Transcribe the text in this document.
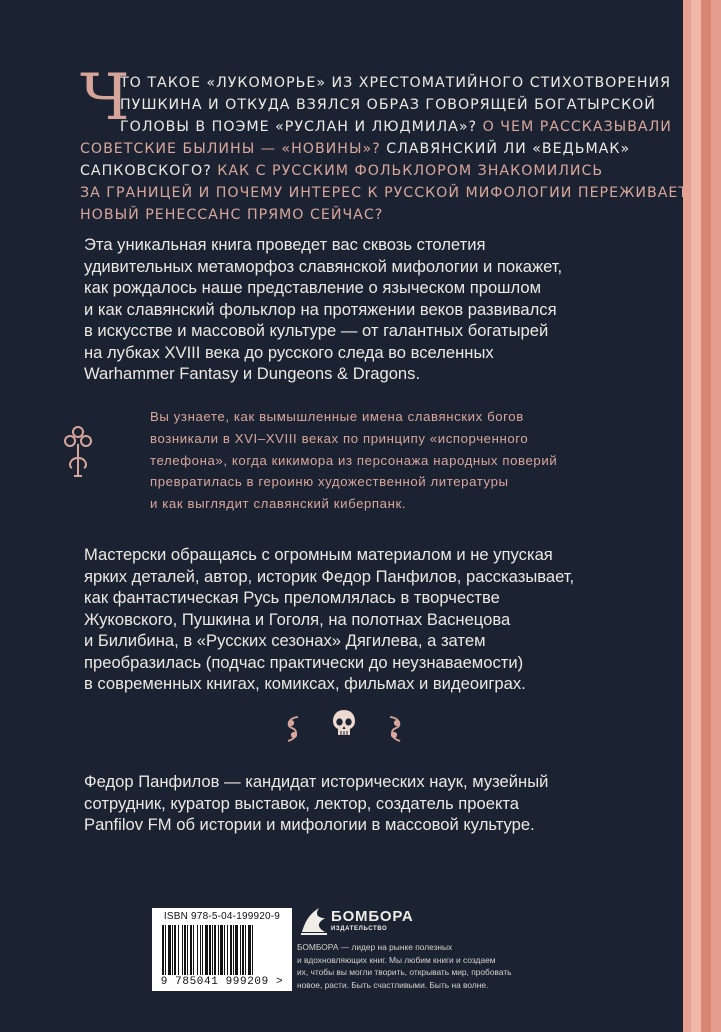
Ч
ТО ТАКОЕ «ЛУКОМОРЬЕ» ИЗ ХРЕСТОМАТИЙНОГО СТИХОТВОРЕНИЯ
ПУШКИНА И ОТКУДА ВЗЯЛСЯ ОБРАЗ ГОВОРЯЩЕЙ БОГАТЫРСКОЙ
ГОЛОВЫ В ПОЭМЕ «РУСЛАН И ЛЮДМИЛА»? О ЧЕМ РАССКАЗЫВАЛИ
СОВЕТСКИЕ БЫЛИНЫ — «НОВИНЫ»? СЛАВЯНСКИЙ ЛИ «ВЕДЬМАК»
САПКОВСКОГО? КАК С РУССКИМ ФОЛЬКЛОРОМ ЗНАКОМИЛИСЬ
ЗА ГРАНИЦЕЙ И ПОЧЕМУ ИНТЕРЕС К РУССКОЙ МИФОЛОГИИ ПЕРЕЖИВАЕТ
НОВЫЙ РЕНЕССАНС ПРЯМО СЕЙЧАС?
Эта уникальная книга проведет вас сквозь столетия
удивительных метаморфоз славянской мифологии и покажет,
как рождалось наше представление о языческом прошлом
и как славянский фольклор на протяжении веков развивался
в искусстве и массовой культуре — от галантных богатырей
на лубках XVIII века до русского следа во вселенных
Warhammer Fantasy и Dungeons & Dragons.
Вы узнаете, как вымышленные имена славянских богов
возникали в XVI–XVIII веках по принципу «испорченного
телефона», когда кикимора из персонажа народных поверий
превратилась в героиню художественной литературы
и как выглядит славянский киберпанк.
Мастерски обращаясь с огромным материалом и не упуская
ярких деталей, автор, историк Федор Панфилов, рассказывает,
как фантастическая Русь преломлялась в творчестве
Жуковского, Пушкина и Гоголя, на полотнах Васнецова
и Билибина, в «Русских сезонах» Дягилева, а затем
преобразилась (подчас практически до неузнаваемости)
в современных книгах, комиксах, фильмах и видеоиграх.
Федор Панфилов — кандидат исторических наук, музейный
сотрудник, куратор выставок, лектор, создатель проекта
Panfilov FM об истории и мифологии в массовой культуре.
ISBN 978-5-04-199920-9
9 785041 999209 >
БОМБОРА
ИЗДАТЕЛЬСТВО
БОМБОРА — лидер на рынке полезных
и вдохновляющих книг. Мы любим книги и создаем
их, чтобы вы могли творить, открывать мир, пробовать
новое, расти. Быть счастливыми. Быть на волне.
